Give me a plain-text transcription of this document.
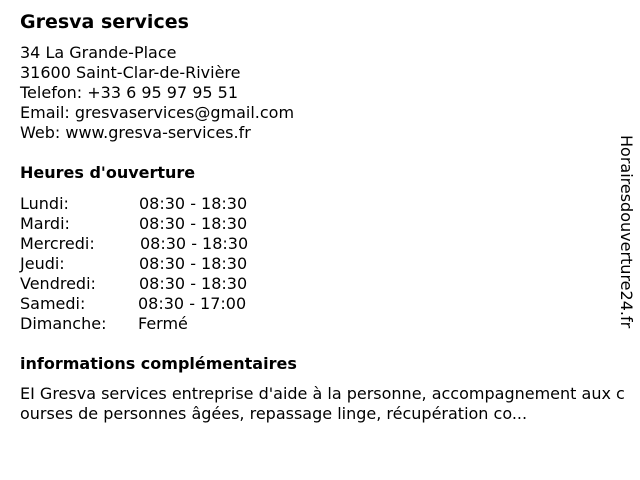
Gresva services
34 La Grande-Place
31600 Saint-Clar-de-Rivière
Telefon: +33 6 95 97 95 51
Email: gresvaservices@gmail.com
Web: www.gresva-services.fr
Heures d'ouverture
Lundi:	08:30 - 18:30
Mardi:	08:30 - 18:30
Mercredi:	08:30 - 18:30
Jeudi:	08:30 - 18:30
Vendredi:	08:30 - 18:30
Samedi:	08:30 - 17:00
Dimanche: Fermé
informations complémentaires
EI Gresva services entreprise d'aide à la personne, accompagnement aux courses de personnes âgées, repassage linge, récupération co...
Horairesdouverture24.fr
